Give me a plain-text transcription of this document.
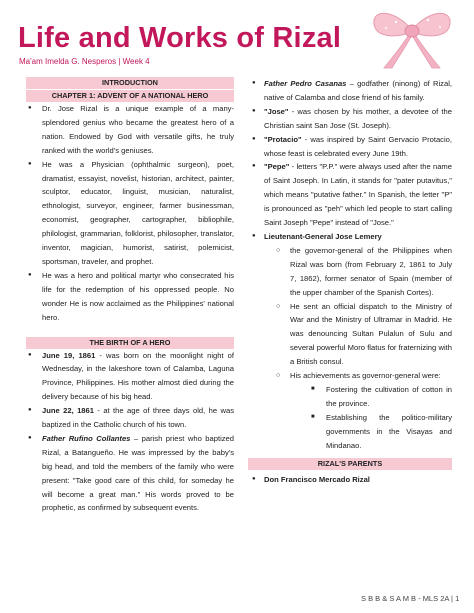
Life and Works of Rizal
Ma'am Imelda G. Nesperos | Week 4
INTRODUCTION
CHAPTER 1: ADVENT OF A NATIONAL HERO
● Dr. Jose Rizal is a unique example of a many-splendored genius who became the greatest hero of a nation. Endowed by God with versatile gifts, he truly ranked with the world's geniuses.
● He was a Physician (ophthalmic surgeon), poet, dramatist, essayist, novelist, historian, architect, painter, sculptor, educator, linguist, musician, naturalist, ethnologist, surveyor, engineer, farmer businessman, economist, geographer, cartographer, bibliophile, philologist, grammarian, folklorist, philosopher, translator, inventor, magician, humorist, satirist, polemicist, sportsman, traveler, and prophet.
● He was a hero and political martyr who consecrated his life for the redemption of his oppressed people. No wonder He is now acclaimed as the Philippines' national hero.
THE BIRTH OF A HERO
● June 19, 1861 - was born on the moonlight night of Wednesday, in the lakeshore town of Calamba, Laguna Province, Philippines. His mother almost died during the delivery because of his big head.
● June 22, 1861 - at the age of three days old, he was baptized in the Catholic church of his town.
● Father Rufino Collantes – parish priest who baptized Rizal, a Batangueño. He was impressed by the baby's big head, and told the members of the family who were present: "Take good care of this child, for someday he will become a great man." His words proved to be prophetic, as confirmed by subsequent events.
● Father Pedro Casanas – godfather (ninong) of Rizal, native of Calamba and close friend of his family.
● "Jose" - was chosen by his mother, a devotee of the Christian saint San Jose (St. Joseph).
● "Protacio" - was inspired by Saint Gervacio Protacio, whose feast is celebrated every June 19th.
● "Pepe" - letters "P.P." were always used after the name of Saint Joseph. In Latin, it stands for "pater putavitus," which means "putative father." In Spanish, the letter "P" is pronounced as "peh" which led people to start calling Saint Joseph "Pepe" instead of "Jose."
● Lieutenant-General Jose Lemery
○ the governor-general of the Philippines when Rizal was born (from February 2, 1861 to July 7, 1862), former senator of Spain (member of the upper chamber of the Spanish Cortes).
○ He sent an official dispatch to the Ministry of War and the Ministry of Ultramar in Madrid. He was denouncing Sultan Pulalun of Sulu and several powerful Moro flatus for fraternizing with a British consul.
○ His achievements as governor-general were:
■ Fostering the cultivation of cotton in the province.
■ Establishing the politico-military governments in the Visayas and Mindanao.
RIZAL'S PARENTS
● Don Francisco Mercado Rizal
S B B & S A M B - MLS 2A | 1
